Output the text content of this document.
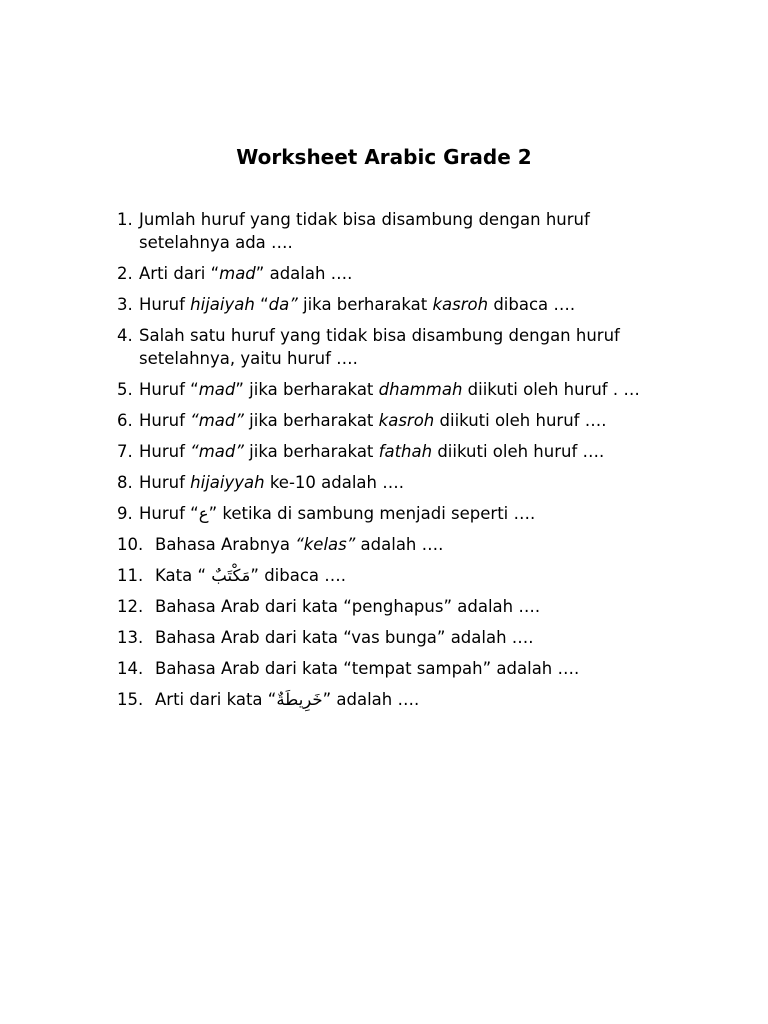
Worksheet Arabic Grade 2
1. Jumlah huruf yang tidak bisa disambung dengan huruf setelahnya ada ….
2. Arti dari “mad” adalah ….
3. Huruf hijaiyah “da” jika berharakat kasroh dibaca ….
4. Salah satu huruf yang tidak bisa disambung dengan huruf setelahnya, yaitu huruf ….
5. Huruf “mad” jika berharakat dhammah diikuti oleh huruf . …
6. Huruf “mad” jika berharakat kasroh diikuti oleh huruf ….
7. Huruf “mad” jika berharakat fathah diikuti oleh huruf ….
8. Huruf hijaiyyah ke-10 adalah ….
9. Huruf “ع” ketika di sambung menjadi seperti ….
10. Bahasa Arabnya “kelas” adalah ….
11. Kata “ مَكْتَبٌ” dibaca ….
12. Bahasa Arab dari kata “penghapus” adalah ….
13. Bahasa Arab dari kata “vas bunga” adalah ….
14. Bahasa Arab dari kata “tempat sampah” adalah ….
15. Arti dari kata “خَرِيطَةٌ” adalah ….
